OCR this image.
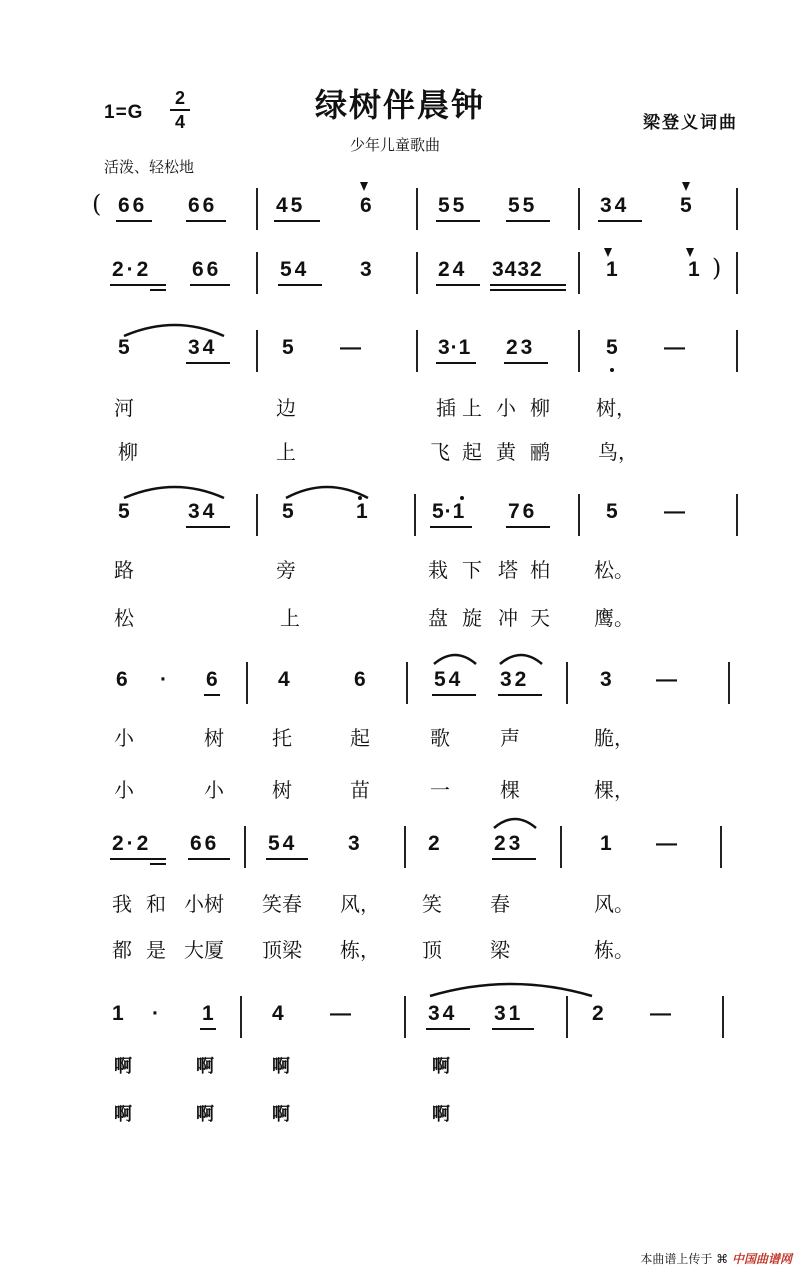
1=G
2
4	绿树伴晨钟
少年儿童歌曲
梁登义词曲
活泼、轻松地
( 66 66	45	6	55 55	34 5
2·2 66	54 3	24 3432	1	1 )
5	34	5 —	3·1 23	5 —
河	边	插 上 小 柳 树，
柳	上	飞 起 黄 鹂 鸟，
5	34	5	1	5·1 76	5 —
路	旁	栽 下 塔 柏 松。
松	上	盘 旋 冲 天 鹰。
6 · 6	4	6	54 32	3 —
小	树 托	起	歌	声	脆，
小	小 树	苗	一	棵	棵，
2·2 66 54 3	2 23	1 —
我 和 小树 笑春 风， 笑 春	风。
都 是 大厦 顶梁 栋， 顶 梁	栋。
1 · 1	4 —	34 31	2 —
啊	啊	啊	啊
啊	啊	啊	啊
本曲谱上传于 ⌘ 中国曲谱网
